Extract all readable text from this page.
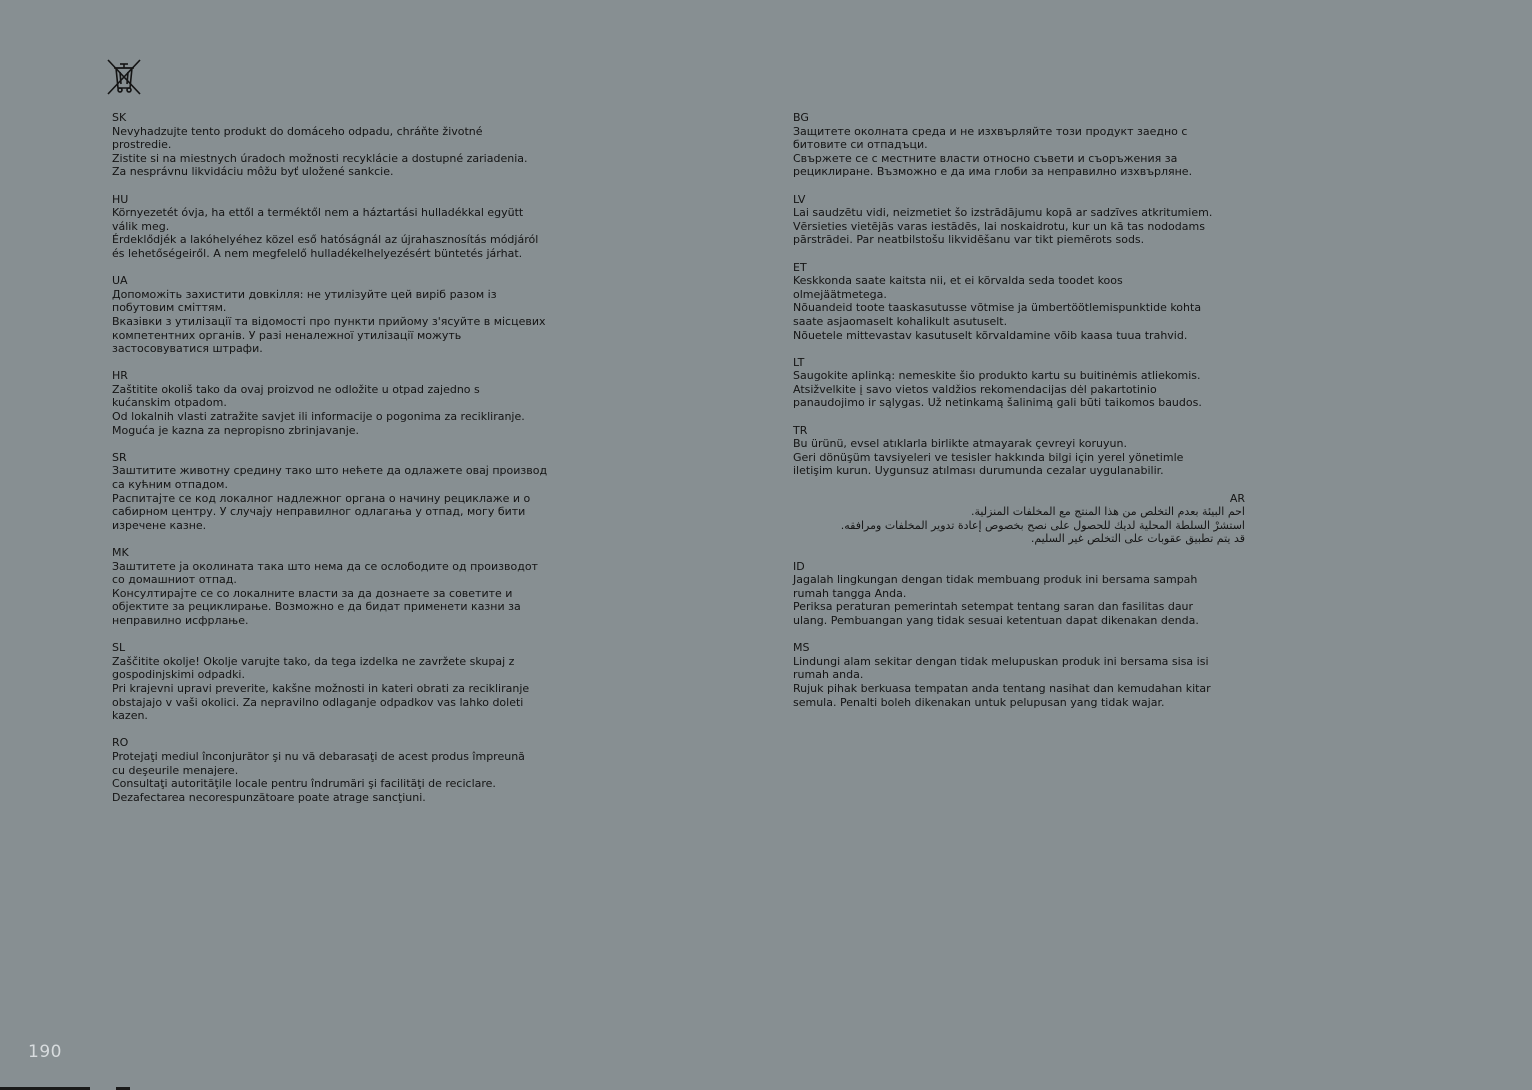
SK
Nevyhadzujte tento produkt do domáceho odpadu, chráňte životné
prostredie.
Zistite si na miestnych úradoch možnosti recyklácie a dostupné zariadenia.
Za nesprávnu likvidáciu môžu byť uložené sankcie.
HU
Környezetét óvja, ha ettől a terméktől nem a háztartási hulladékkal együtt
válik meg.
Érdeklődjék a lakóhelyéhez közel eső hatóságnál az újrahasznosítás módjáról
és lehetőségeiről. A nem megfelelő hulladékelhelyezésért büntetés járhat.
UA
Допоможіть захистити довкілля: не утилізуйте цей виріб разом із
побутовим сміттям.
Вказівки з утилізації та відомості про пункти прийому з'ясуйте в місцевих
компетентних органів. У разі неналежної утилізації можуть
застосовуватися штрафи.
HR
Zaštitite okoliš tako da ovaj proizvod ne odložite u otpad zajedno s
kućanskim otpadom.
Od lokalnih vlasti zatražite savjet ili informacije o pogonima za recikliranje.
Moguća je kazna za nepropisno zbrinjavanje.
SR
Заштитите животну средину тако што нећете да одлажете овај производ
са кућним отпадом.
Распитајте се код локалног надлежног органа о начину рециклаже и о
сабирном центру. У случају неправилног одлагања у отпад, могу бити
изречене казне.
MK
Заштитете ја околината така што нема да се ослободите од производот
со домашниот отпад.
Консултирајте се со локалните власти за да дознаете за советите и
објектите за рециклирање. Возможно е да бидат применети казни за
неправилно исфрлање.
SL
Zaščitite okolje! Okolje varujte tako, da tega izdelka ne zavržete skupaj z
gospodinjskimi odpadki.
Pri krajevni upravi preverite, kakšne možnosti in kateri obrati za recikliranje
obstajajo v vaši okolici. Za nepravilno odlaganje odpadkov vas lahko doleti
kazen.
RO
Protejaţi mediul înconjurător şi nu vă debarasaţi de acest produs împreună
cu deşeurile menajere.
Consultaţi autorităţile locale pentru îndrumări şi facilităţi de reciclare.
Dezafectarea necorespunzătoare poate atrage sancţiuni.
BG
Защитете околната среда и не изхвърляйте този продукт заедно с
битовите си отпадъци.
Свържете се с местните власти относно съвети и съоръжения за
рециклиране. Възможно е да има глоби за неправилно изхвърляне.
LV
Lai saudzētu vidi, neizmetiet šo izstrādājumu kopā ar sadzīves atkritumiem.
Vērsieties vietējās varas iestādēs, lai noskaidrotu, kur un kā tas nododams
pārstrādei. Par neatbilstošu likvidēšanu var tikt piemērots sods.
ET
Keskkonda saate kaitsta nii, et ei kõrvalda seda toodet koos
olmejäätmetega.
Nõuandeid toote taaskasutusse võtmise ja ümbertöötlemispunktide kohta
saate asjaomaselt kohalikult asutuselt.
Nõuetele mittevastav kasutuselt kõrvaldamine võib kaasa tuua trahvid.
LT
Saugokite aplinką: nemeskite šio produkto kartu su buitinėmis atliekomis.
Atsižvelkite į savo vietos valdžios rekomendacijas dėl pakartotinio
panaudojimo ir sąlygas. Už netinkamą šalinimą gali būti taikomos baudos.
TR
Bu ürünü, evsel atıklarla birlikte atmayarak çevreyi koruyun.
Geri dönüşüm tavsiyeleri ve tesisler hakkında bilgi için yerel yönetimle
iletişim kurun. Uygunsuz atılması durumunda cezalar uygulanabilir.
AR
احم البيئة بعدم التخلص من هذا المنتج مع المخلفات المنزلية.
استشرْ السلطة المحلية لديك للحصول على نصح بخصوص إعادة تدوير المخلفات ومرافقه.
قد يتم تطبيق عقوبات على التخلص غير السليم.
ID
Jagalah lingkungan dengan tidak membuang produk ini bersama sampah
rumah tangga Anda.
Periksa peraturan pemerintah setempat tentang saran dan fasilitas daur
ulang. Pembuangan yang tidak sesuai ketentuan dapat dikenakan denda.
MS
Lindungi alam sekitar dengan tidak melupuskan produk ini bersama sisa isi
rumah anda.
Rujuk pihak berkuasa tempatan anda tentang nasihat dan kemudahan kitar
semula. Penalti boleh dikenakan untuk pelupusan yang tidak wajar.
190
